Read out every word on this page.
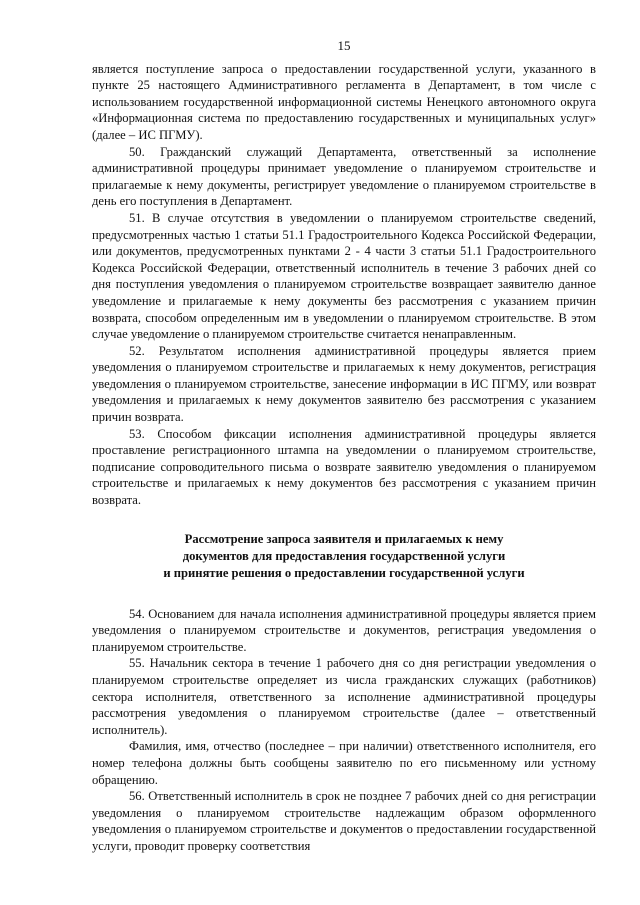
15

является поступление запроса о предоставлении государственной услуги, указанного в пункте 25 настоящего Административного регламента в Департамент, в том числе с использованием государственной информационной системы Ненецкого автономного округа «Информационная система по предоставлению государственных и муниципальных услуг» (далее – ИС ПГМУ).

50. Гражданский служащий Департамента, ответственный за исполнение административной процедуры принимает уведомление о планируемом строительстве и прилагаемые к нему документы, регистрирует уведомление о планируемом строительстве в день его поступления в Департамент.

51. В случае отсутствия в уведомлении о планируемом строительстве сведений, предусмотренных частью 1 статьи 51.1 Градостроительного Кодекса Российской Федерации, или документов, предусмотренных пунктами 2 - 4 части 3 статьи 51.1 Градостроительного Кодекса Российской Федерации, ответственный исполнитель в течение 3 рабочих дней со дня поступления уведомления о планируемом строительстве возвращает заявителю данное уведомление и прилагаемые к нему документы без рассмотрения с указанием причин возврата, способом определенным им в уведомлении о планируемом строительстве. В этом случае уведомление о планируемом строительстве считается ненаправленным.

52. Результатом исполнения административной процедуры является прием уведомления о планируемом строительстве и прилагаемых к нему документов, регистрация уведомления о планируемом строительстве, занесение информации в ИС ПГМУ, или возврат уведомления и прилагаемых к нему документов заявителю без рассмотрения с указанием причин возврата.

53. Способом фиксации исполнения административной процедуры является проставление регистрационного штампа на уведомлении о планируемом строительстве, подписание сопроводительного письма о возврате заявителю уведомления о планируемом строительстве и прилагаемых к нему документов без рассмотрения с указанием причин возврата.

Рассмотрение запроса заявителя и прилагаемых к нему
документов для предоставления государственной услуги
и принятие решения о предоставлении государственной услуги

54. Основанием для начала исполнения административной процедуры является прием уведомления о планируемом строительстве и документов, регистрация уведомления о планируемом строительстве.

55. Начальник сектора в течение 1 рабочего дня со дня регистрации уведомления о планируемом строительстве определяет из числа гражданских служащих (работников) сектора исполнителя, ответственного за исполнение административной процедуры рассмотрения уведомления о планируемом строительстве (далее – ответственный исполнитель).

Фамилия, имя, отчество (последнее – при наличии) ответственного исполнителя, его номер телефона должны быть сообщены заявителю по его письменному или устному обращению.

56. Ответственный исполнитель в срок не позднее 7 рабочих дней со дня регистрации уведомления о планируемом строительстве надлежащим образом оформленного уведомления о планируемом строительстве и документов о предоставлении государственной услуги, проводит проверку соответствия
